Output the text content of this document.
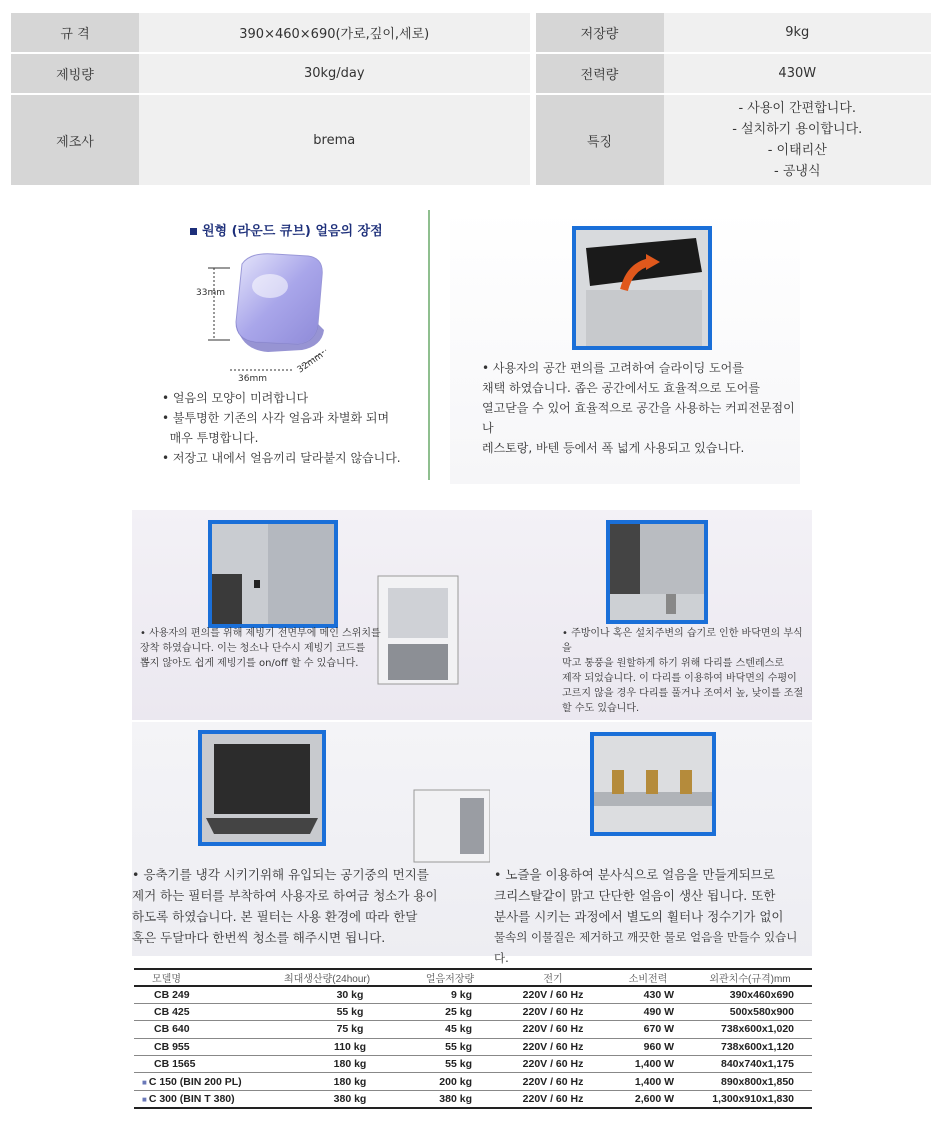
규 격	390×460×690(가로,깊이,세로)		저장량	9kg
제빙량	30kg/day		전력량	430W
제조사	brema		특징	- 사용이 간편합니다.
- 설치하기 용이합니다.
- 이태리산
- 공냉식
원형 (라운드 큐브) 얼음의 장점
33mm
36mm
32mm
• 얼음의 모양이 미려합니다
• 불투명한 기존의 사각 얼음과 차별화 되며
매우 투명합니다.
• 저장고 내에서 얼음끼리 달라붙지 않습니다.
• 사용자의 공간 편의를 고려하여 슬라이딩 도어를
채택 하였습니다. 좁은 공간에서도 효율적으로 도어를
열고닫을 수 있어 효율적으로 공간을 사용하는 커피전문점이나
레스토랑, 바텐 등에서 폭 넓게 사용되고 있습니다.
• 사용자의 편의를 위해 제빙기 전면부에 메인 스위치를
장착 하였습니다. 이는 청소나 단수시 제빙기 코드를
뽑지 않아도 쉽게 제빙기를 on/off 할 수 있습니다.
• 주방이나 혹은 설치주변의 습기로 인한 바닥면의 부식을
막고 통풍을 원할하게 하기 위해 다리를 스텐레스로
제작 되었습니다. 이 다리를 이용하여 바닥면의 수평이
고르지 않을 경우 다리를 풀거나 조여서 높, 낮이를 조절
할 수도 있습니다.
• 응축기를 냉각 시키기위해 유입되는 공기중의 먼지를
제거 하는 필터를 부착하여 사용자로 하여금 청소가 용이
하도록 하였습니다. 본 필터는 사용 환경에 따라 한달
혹은 두달마다 한번씩 청소를 해주시면 됩니다.
• 노즐을 이용하여 분사식으로 얼음을 만들게되므로
크리스탈같이 맑고 단단한 얼음이 생산 됩니다. 또한
분사를 시키는 과정에서 별도의 휠터나 정수기가 없이
물속의 이물질은 제거하고 깨끗한 물로 얼음을 만들수 있습니다.
모델명	최대생산량(24hour)	얼음저장량	전기	소비전력	외관치수(규격)mm
CB 249	30 kg	9 kg	220V / 60 Hz	430 W	390x460x690
CB 425	55 kg	25 kg	220V / 60 Hz	490 W	500x580x900
CB 640	75 kg	45 kg	220V / 60 Hz	670 W	738x600x1,020
CB 955	110 kg	55 kg	220V / 60 Hz	960 W	738x600x1,120
CB 1565	180 kg	55 kg	220V / 60 Hz	1,400 W	840x740x1,175
■ C 150 (BIN 200 PL)	180 kg	200 kg	220V / 60 Hz	1,400 W	890x800x1,850
■ C 300 (BIN T 380)	380 kg	380 kg	220V / 60 Hz	2,600 W	1,300x910x1,830
